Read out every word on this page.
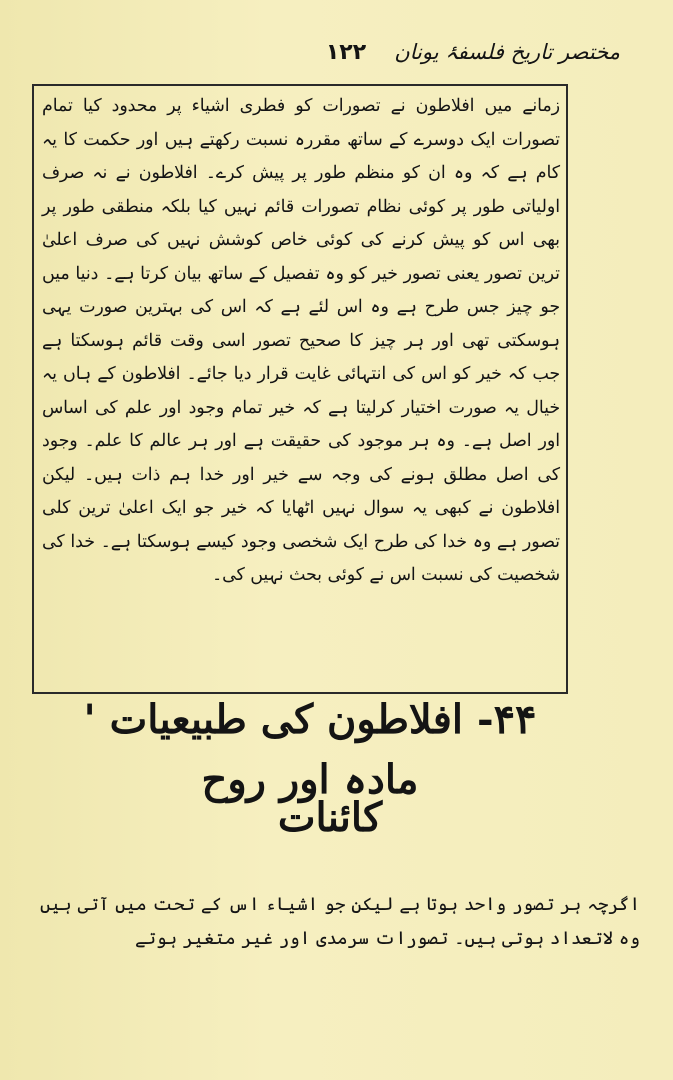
۱۲۲	مختصر تاریخ فلسفۂ یونان

زمانے میں افلاطون نے تصورات کو فطری اشیاء پر محدود کیا تمام تصورات ایک دوسرے کے ساتھ مقررہ نسبت رکھتے ہیں اور حکمت کا یہ کام ہے کہ وہ ان کو منظم طور پر پیش کرے۔ افلاطون نے نہ صرف اولیاتی طور پر کوئی نظام تصورات قائم نہیں کیا بلکہ منطقی طور پر بھی اس کو پیش کرنے کی کوئی خاص کوشش نہیں کی صرف اعلیٰ ترین تصور یعنی تصور خیر کو وہ تفصیل کے ساتھ بیان کرتا ہے۔ دنیا میں جو چیز جس طرح ہے وہ اس لئے ہے کہ اس کی بہترین صورت یہی ہوسکتی تھی اور ہر چیز کا صحیح تصور اسی وقت قائم ہوسکتا ہے جب کہ خیر کو اس کی انتہائی غایت قرار دیا جائے۔ افلاطون کے ہاں یہ خیال یہ صورت اختیار کرلیتا ہے کہ خیر تمام وجود اور علم کی اساس اور اصل ہے۔ وہ ہر موجود کی حقیقت ہے اور ہر عالم کا علم۔ وجود کی اصل مطلق ہونے کی وجہ سے خیر اور خدا ہم ذات ہیں۔ لیکن افلاطون نے کبھی یہ سوال نہیں اٹھایا کہ خیر جو ایک اعلیٰ ترین کلی تصور ہے وہ خدا کی طرح ایک شخصی وجود کیسے ہوسکتا ہے۔ خدا کی شخصیت کی نسبت اس نے کوئی بحث نہیں کی۔

۴۴- افلاطون کی طبیعیات ' مادہ اور روح
کائنات

اگرچہ ہر تصور واحد ہوتا ہے لیکن جو اشیاء اس کے تحت میں آتی ہیں وہ لاتعداد ہوتی ہیں۔ تصورات سرمدی اور غیر متغیر ہوتے
